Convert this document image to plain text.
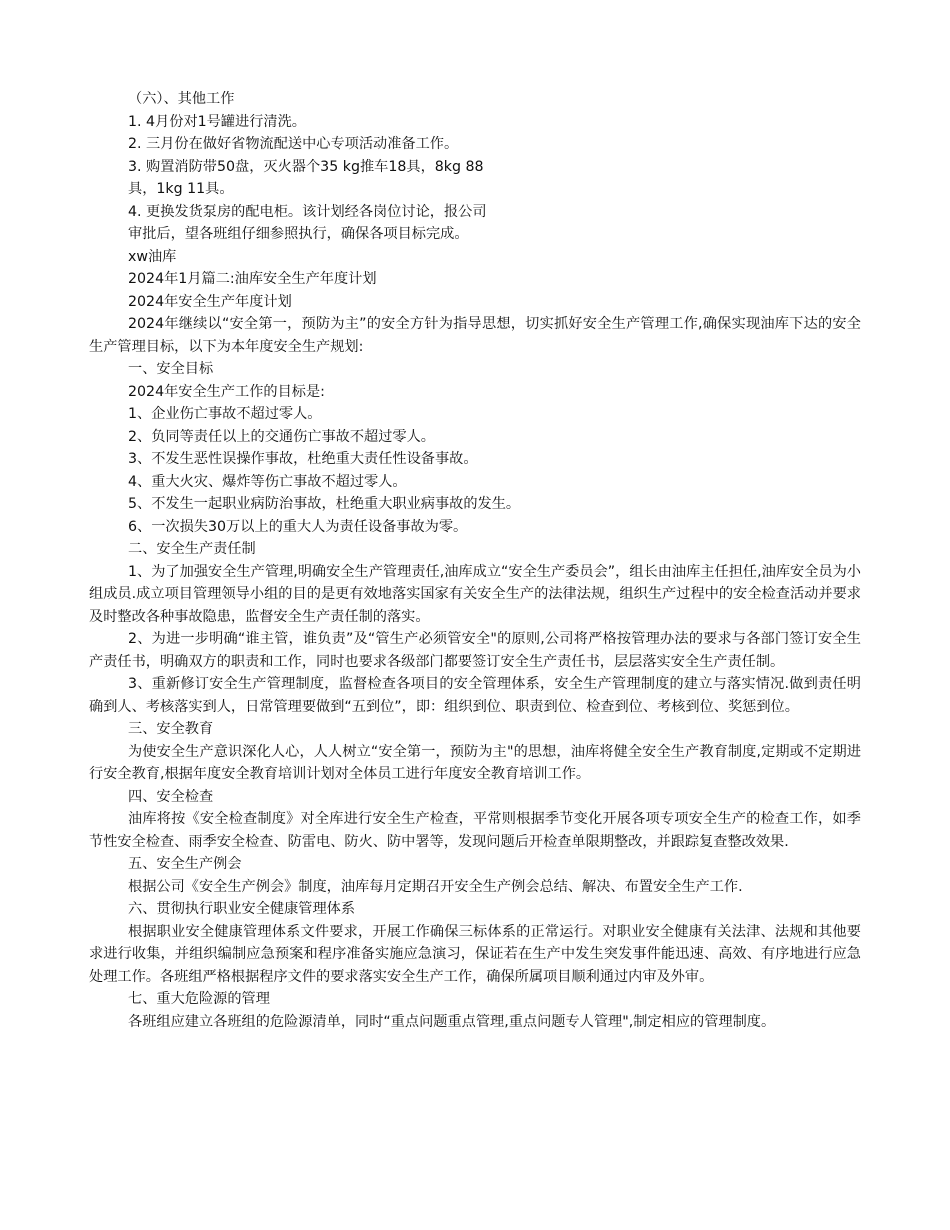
（六）、其他工作
1. 4月份对1号罐进行清洗。
2. 三月份在做好省物流配送中心专项活动准备工作。
3. 购置消防带50盘，灭火器个35 kg推车18具，8kg 88
具，1kg 11具。
4. 更换发货泵房的配电柜。该计划经各岗位讨论，报公司
审批后，望各班组仔细参照执行，确保各项目标完成。
xw油库
2024年1月篇二:油库安全生产年度计划
2024年安全生产年度计划
2024年继续以“安全第一，预防为主”的安全方针为指导思想，切实抓好安全生产管理工作,确保实现油库下达的安全生产管理目标，以下为本年度安全生产规划:
一、安全目标
2024年安全生产工作的目标是:
1、企业伤亡事故不超过零人。
2、负同等责任以上的交通伤亡事故不超过零人。
3、不发生恶性误操作事故，杜绝重大责任性设备事故。
4、重大火灾、爆炸等伤亡事故不超过零人。
5、不发生一起职业病防治事故，杜绝重大职业病事故的发生。
6、一次损失30万以上的重大人为责任设备事故为零。
二、安全生产责任制
1、为了加强安全生产管理,明确安全生产管理责任,油库成立“安全生产委员会”，组长由油库主任担任,油库安全员为小组成员.成立项目管理领导小组的目的是更有效地落实国家有关安全生产的法律法规，组织生产过程中的安全检查活动并要求及时整改各种事故隐患，监督安全生产责任制的落实。
2、为进一步明确“谁主管，谁负责”及“管生产必须管安全"的原则,公司将严格按管理办法的要求与各部门签订安全生产责任书，明确双方的职责和工作，同时也要求各级部门都要签订安全生产责任书，层层落实安全生产责任制。
3、重新修订安全生产管理制度，监督检查各项目的安全管理体系，安全生产管理制度的建立与落实情况.做到责任明确到人、考核落实到人，日常管理要做到“五到位”，即：组织到位、职责到位、检查到位、考核到位、奖惩到位。
三、安全教育
为使安全生产意识深化人心，人人树立“安全第一，预防为主"的思想，油库将健全安全生产教育制度,定期或不定期进行安全教育,根据年度安全教育培训计划对全体员工进行年度安全教育培训工作。
四、安全检查
油库将按《安全检查制度》对全库进行安全生产检查，平常则根据季节变化开展各项专项安全生产的检查工作，如季节性安全检查、雨季安全检查、防雷电、防火、防中署等，发现问题后开检查单限期整改，并跟踪复查整改效果.
五、安全生产例会
根据公司《安全生产例会》制度，油库每月定期召开安全生产例会总结、解决、布置安全生产工作.
六、贯彻执行职业安全健康管理体系
根据职业安全健康管理体系文件要求，开展工作确保三标体系的正常运行。对职业安全健康有关法津、法规和其他要求进行收集，并组织编制应急预案和程序准备实施应急演习，保证若在生产中发生突发事件能迅速、高效、有序地进行应急处理工作。各班组严格根据程序文件的要求落实安全生产工作，确保所属项目顺利通过内审及外审。
七、重大危险源的管理
各班组应建立各班组的危险源清单，同时“重点问题重点管理,重点问题专人管理",制定相应的管理制度。
